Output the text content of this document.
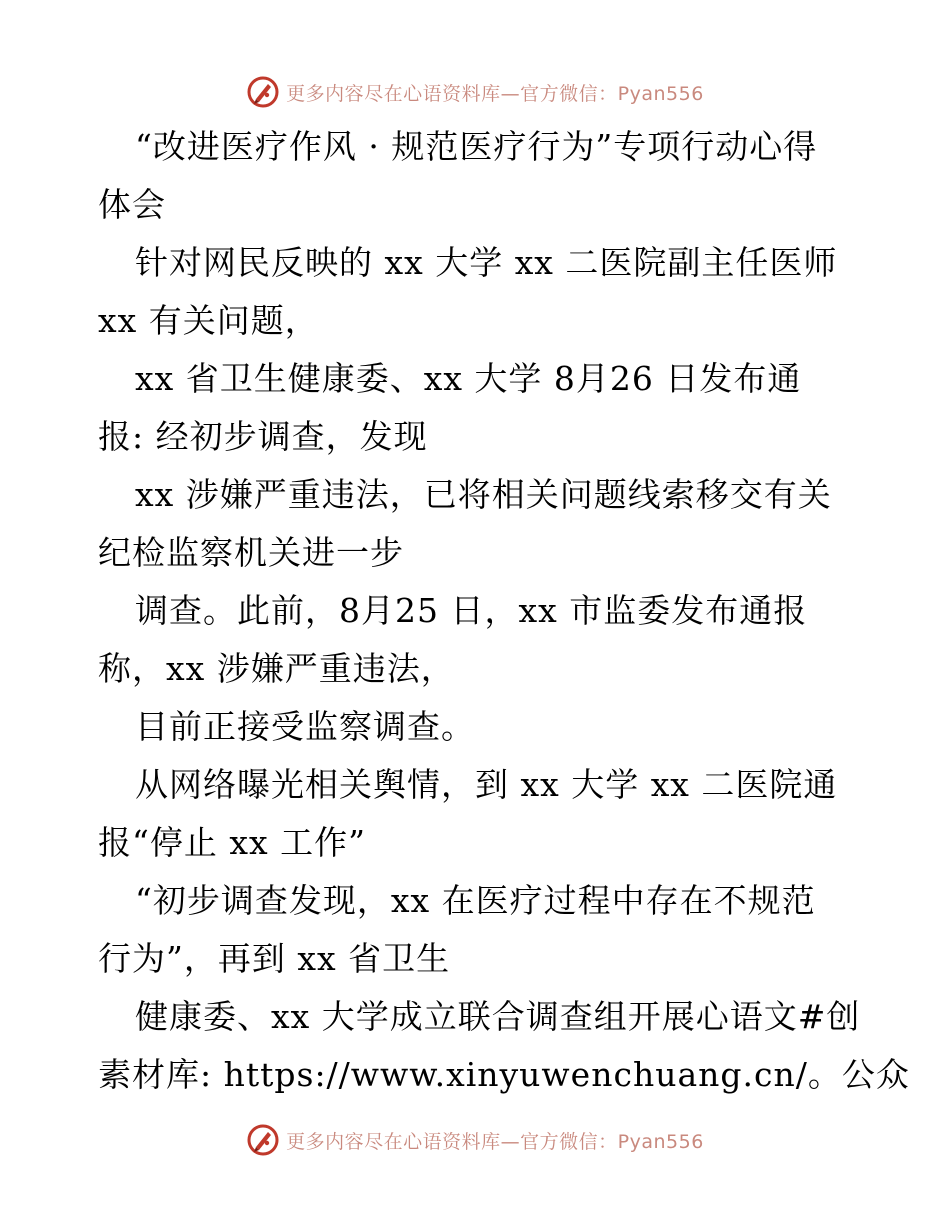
更多内容尽在心语资料库—官方微信：Pyan556
“改进医疗作风 · 规范医疗行为”专项行动心得
体会
针对网民反映的 xx 大学 xx 二医院副主任医师
xx 有关问题，
xx 省卫生健康委、xx 大学 8月26 日发布通
报: 经初步调查，发现
xx 涉嫌严重违法，已将相关问题线索移交有关
纪检监察机关进一步
调查。此前，8月25 日，xx 市监委发布通报
称，xx 涉嫌严重违法，
目前正接受监察调查。
从网络曝光相关舆情，到 xx 大学 xx 二医院通
报“停止 xx 工作”
“初步调查发现，xx 在医疗过程中存在不规范
行为”，再到 xx 省卫生
健康委、xx 大学成立联合调查组开展心语文#创
素材库: https://www.xinyuwenchuang.cn/。公众
更多内容尽在心语资料库—官方微信：Pyan556
